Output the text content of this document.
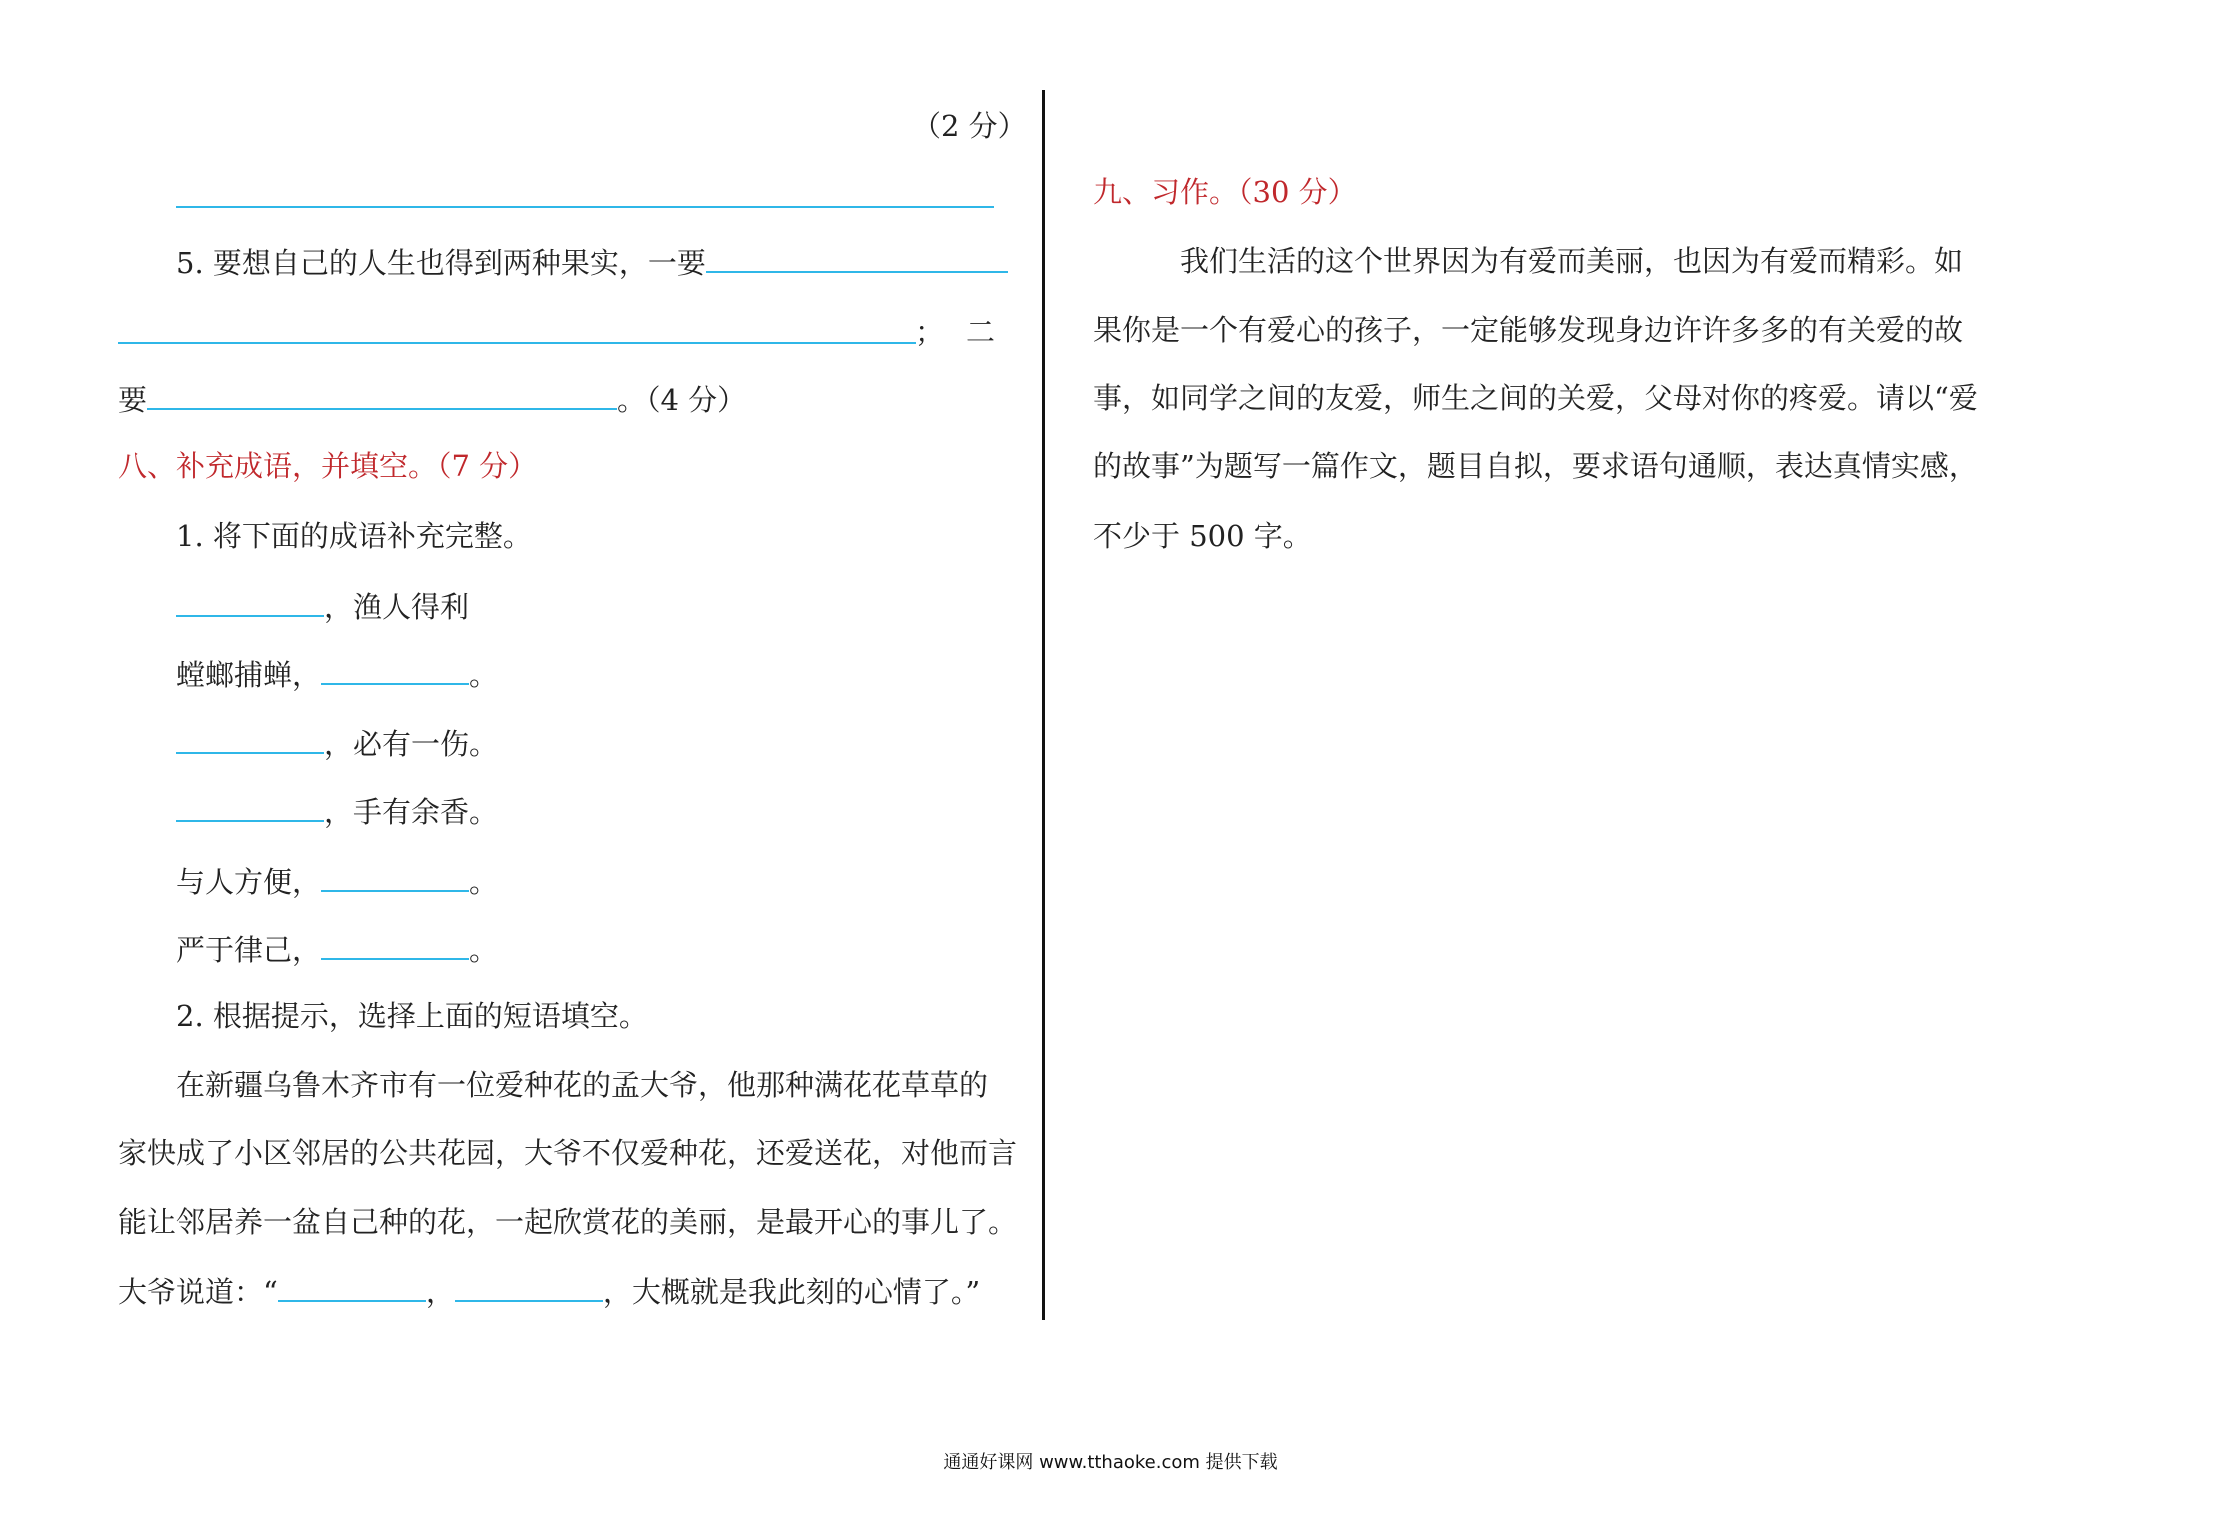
（2 分）
5. 要想自己的人生也得到两种果实，一要
； 二
要	。（4 分）
八、补充成语，并填空。（7 分）
1. 将下面的成语补充完整。
，渔人得利
螳螂捕蝉，	。
，必有一伤。
，手有余香。
与人方便，	。
严于律己，	。
2. 根据提示，选择上面的短语填空。
在新疆乌鲁木齐市有一位爱种花的孟大爷，他那种满花花草草的
家快成了小区邻居的公共花园，大爷不仅爱种花，还爱送花，对他而言
能让邻居养一盆自己种的花，一起欣赏花的美丽，是最开心的事儿了。
大爷说道：“	，	，大概就是我此刻的心情了。”
九、习作。（30 分）
我们生活的这个世界因为有爱而美丽，也因为有爱而精彩。如
果你是一个有爱心的孩子，一定能够发现身边许许多多的有关爱的故
事，如同学之间的友爱，师生之间的关爱，父母对你的疼爱。请以“爱
的故事”为题写一篇作文，题目自拟，要求语句通顺，表达真情实感，
不少于 500 字。
通通好课网 www.tthaoke.com 提供下载
